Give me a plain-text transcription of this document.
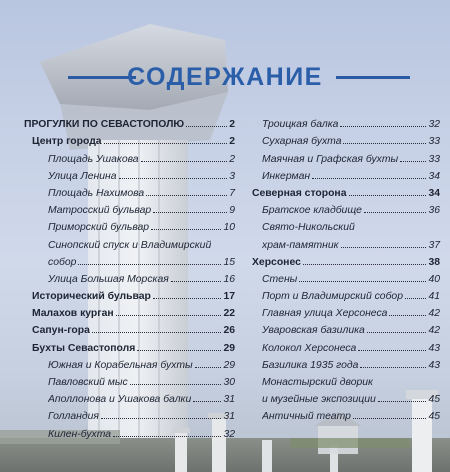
СОДЕРЖАНИЕ
ПРОГУЛКИ ПО СЕВАСТОПОЛЮ	2
Центр города	2
Площадь Ушакова	2
Улица Ленина	3
Площадь Нахимова	7
Матросский бульвар	9
Приморский бульвар	10
Синопский спуск и Владимирский
собор	15
Улица Большая Морская	16
Исторический бульвар	17
Малахов курган	22
Сапун-гора	26
Бухты Севастополя	29
Южная и Корабельная бухты	29
Павловский мыс	30
Аполлонова и Ушакова балки	31
Голландия	31
Килен-бухта	32
Троицкая балка	32
Сухарная бухта	33
Маячная и Графская бухты	33
Инкерман	34
Северная сторона	34
Братское кладбище	36
Свято-Никольский
храм-памятник	37
Херсонес	38
Стены	40
Порт и Владимирский собор 41
Главная улица Херсонеса	42
Уваровская базилика	42
Колокол Херсонеса	43
Базилика 1935 года	43
Монастырский дворик
и музейные экспозиции	45
Античный театр	45
